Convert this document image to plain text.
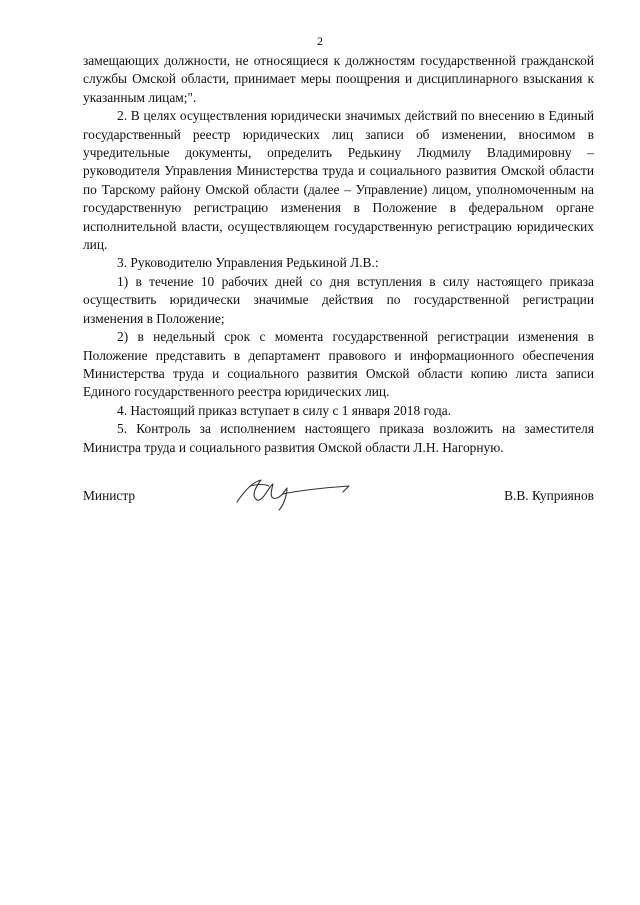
2

замещающих должности, не относящиеся к должностям государственной гражданской службы Омской области, принимает меры поощрения и дисциплинарного взыскания к указанным лицам;".

2. В целях осуществления юридически значимых действий по внесению в Единый государственный реестр юридических лиц записи об изменении, вносимом в учредительные документы, определить Редькину Людмилу Владимировну – руководителя Управления Министерства труда и социального развития Омской области по Тарскому району Омской области (далее – Управление) лицом, уполномоченным на государственную регистрацию изменения в Положение в федеральном органе исполнительной власти, осуществляющем государственную регистрацию юридических лиц.

3. Руководителю Управления Редькиной Л.В.:

1) в течение 10 рабочих дней со дня вступления в силу настоящего приказа осуществить юридически значимые действия по государственной регистрации изменения в Положение;

2) в недельный срок с момента государственной регистрации изменения в Положение представить в департамент правового и информационного обеспечения Министерства труда и социального развития Омской области копию листа записи Единого государственного реестра юридических лиц.

4. Настоящий приказ вступает в силу с 1 января 2018 года.

5. Контроль за исполнением настоящего приказа возложить на заместителя Министра труда и социального развития Омской области Л.Н. Нагорную.

Министр	В.В. Куприянов
